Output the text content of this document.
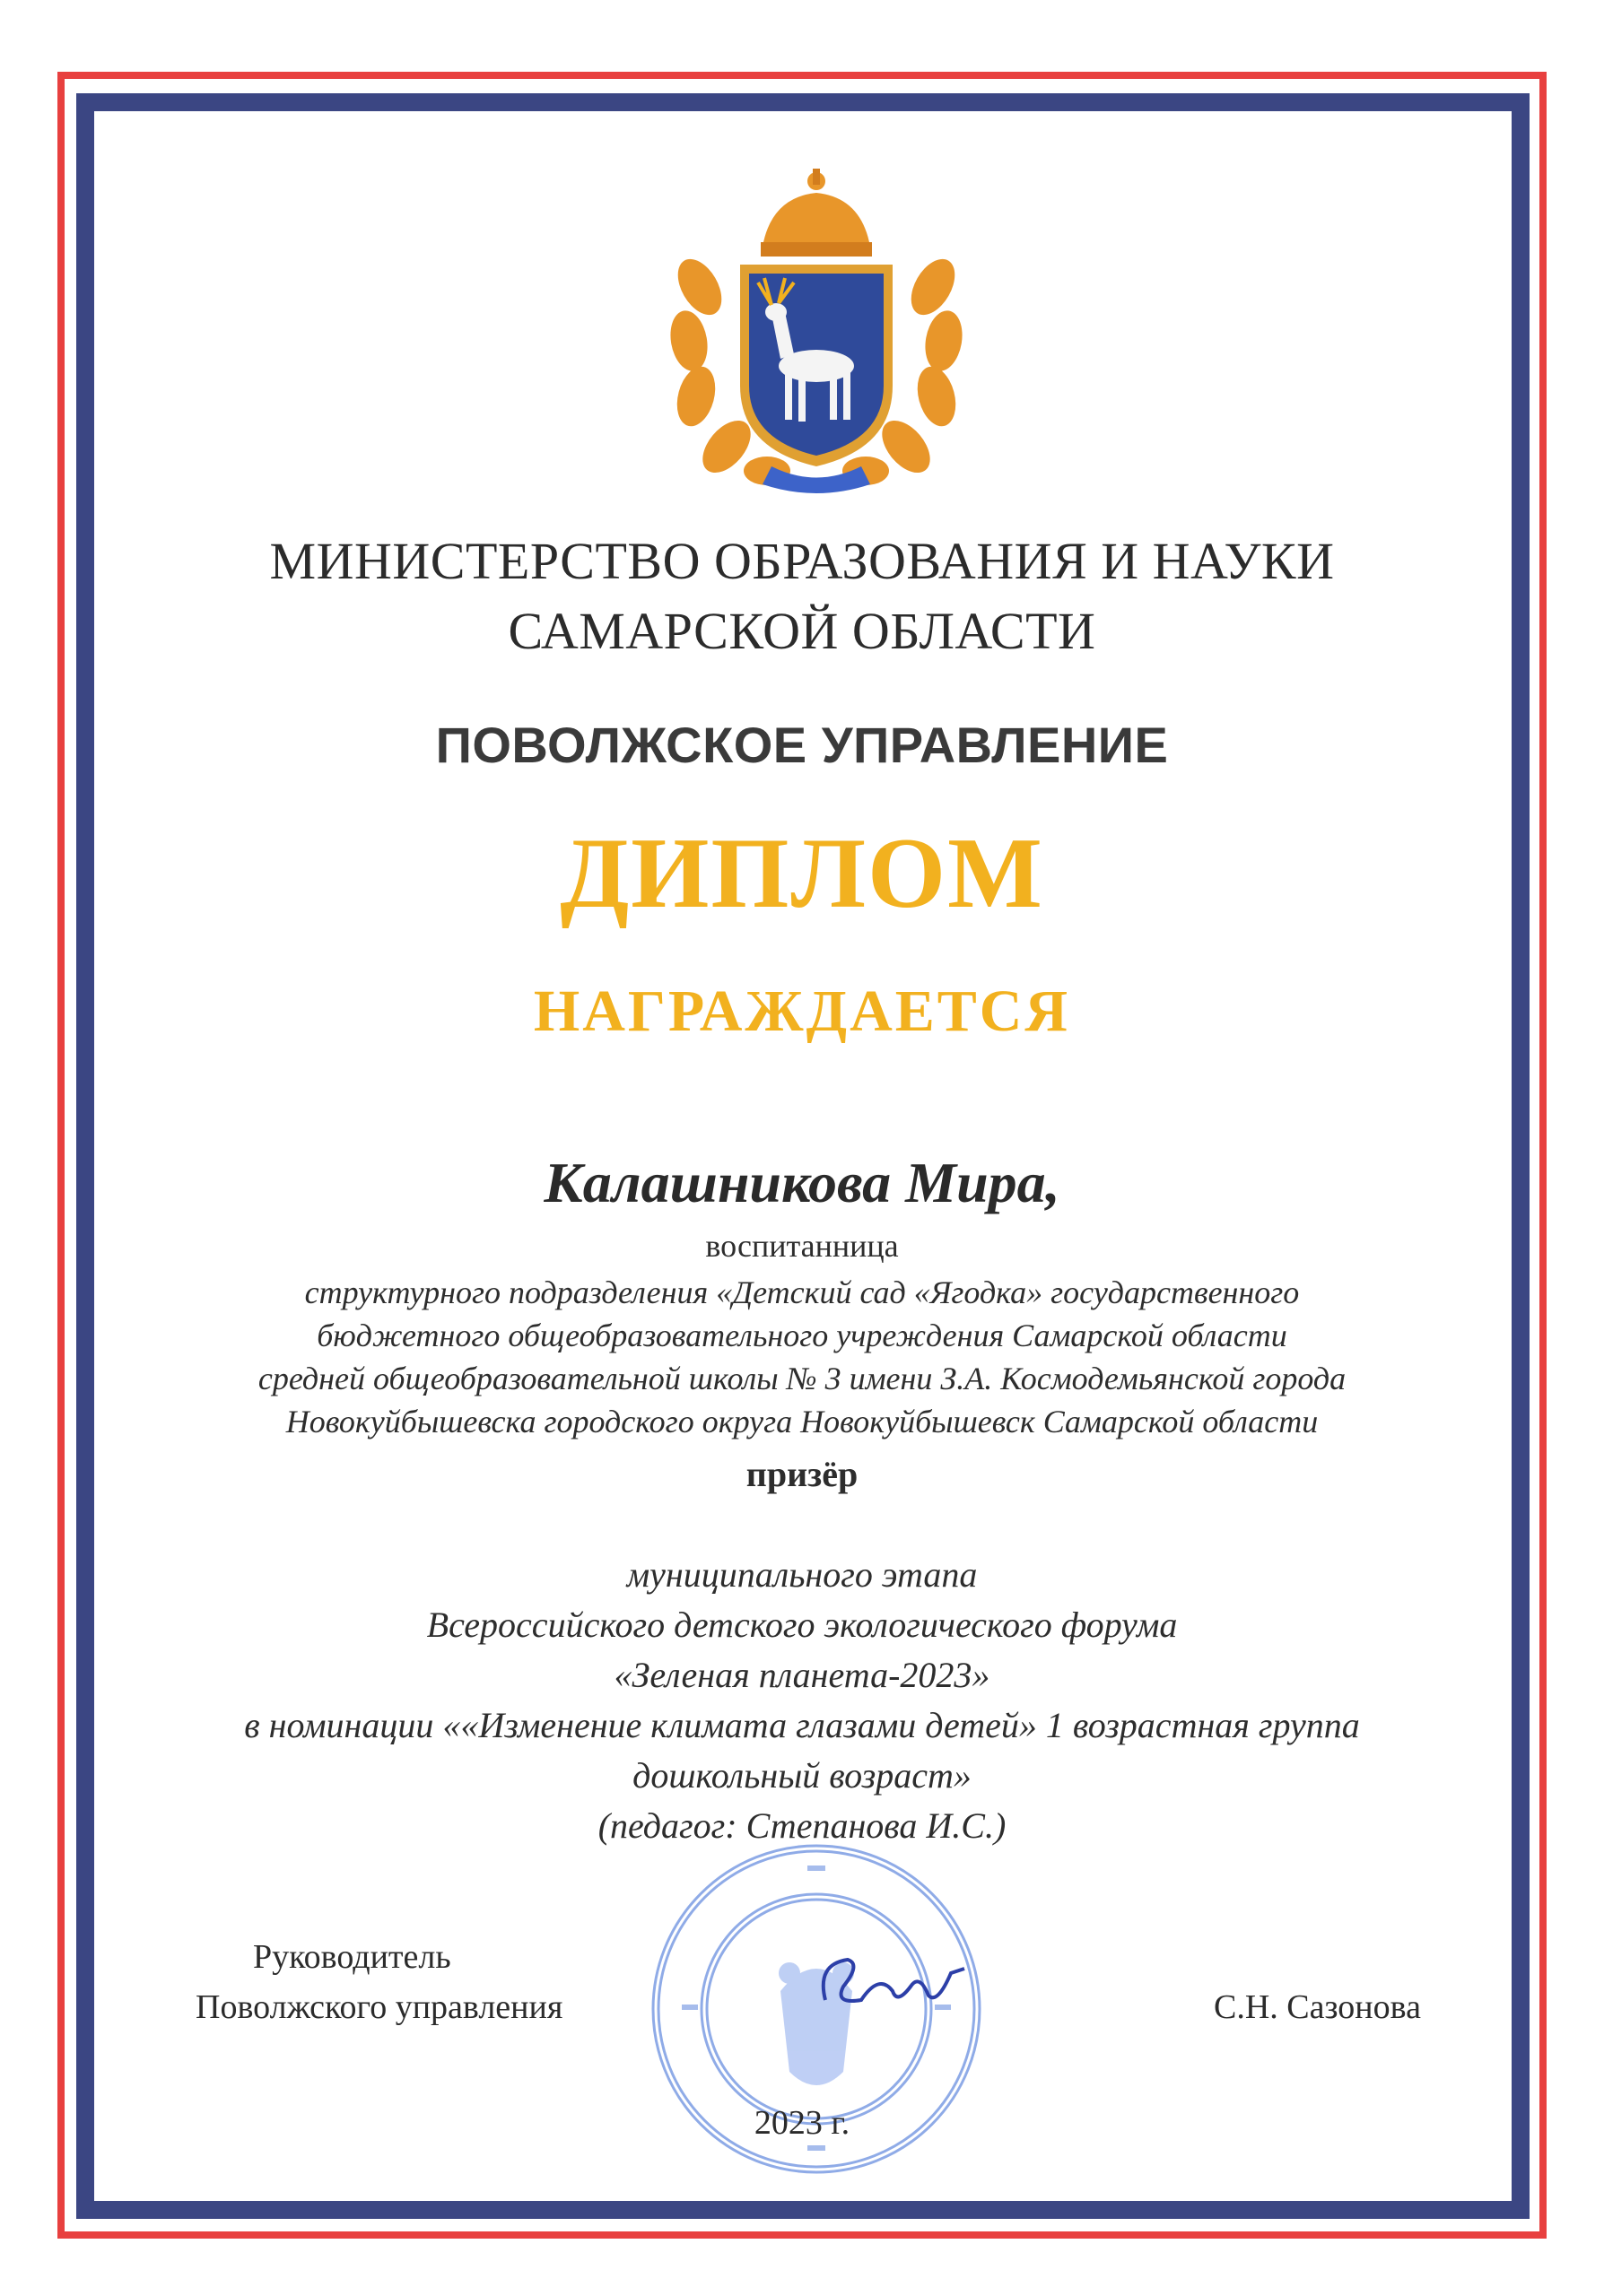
МИНИСТЕРСТВО ОБРАЗОВАНИЯ И НАУКИ
САМАРСКОЙ ОБЛАСТИ
ПОВОЛЖСКОЕ УПРАВЛЕНИЕ
ДИПЛОМ
НАГРАЖДАЕТСЯ
Калашникова Мира,
воспитанница
структурного подразделения «Детский сад «Ягодка» государственного
бюджетного общеобразовательного учреждения Самарской области
средней общеобразовательной школы № 3 имени З.А. Космодемьянской города
Новокуйбышевска городского округа Новокуйбышевск Самарской области
призёр
муниципального этапа
Всероссийского детского экологического форума
«Зеленая планета-2023»
в номинации ««Изменение климата глазами детей» 1 возрастная группа
дошкольный возраст»
(педагог: Степанова И.С.)
Руководитель
Поволжского управления	С.Н. Сазонова
2023 г.
